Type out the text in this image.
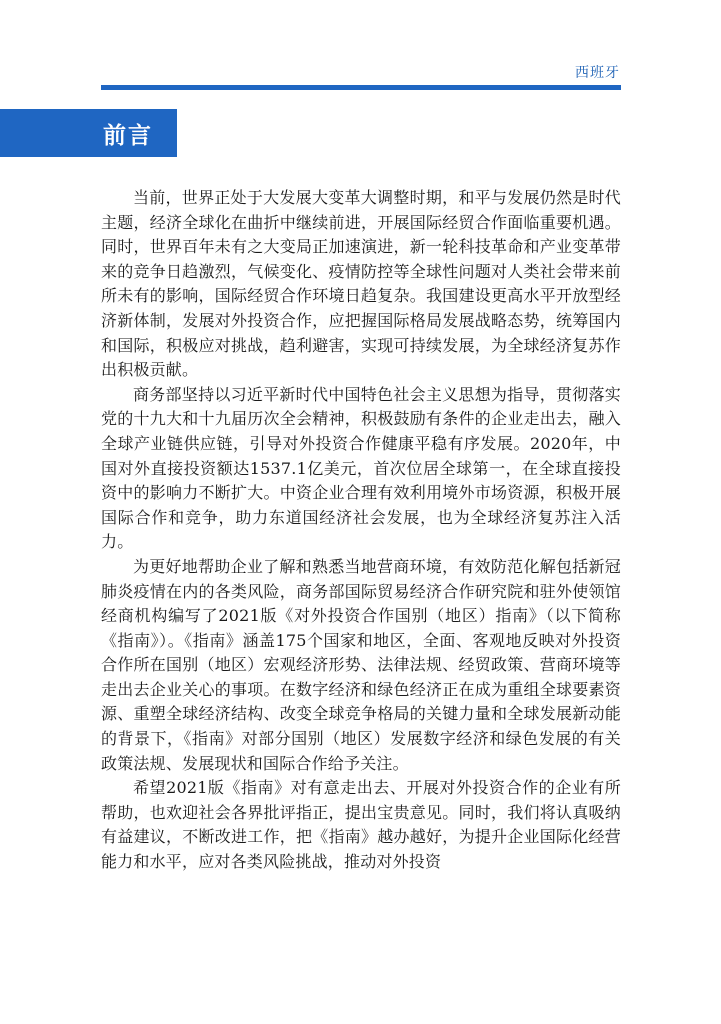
西班牙
前言

当前，世界正处于大发展大变革大调整时期，和平与发展仍然是时代主题，经济全球化在曲折中继续前进，开展国际经贸合作面临重要机遇。同时，世界百年未有之大变局正加速演进，新一轮科技革命和产业变革带来的竞争日趋激烈，气候变化、疫情防控等全球性问题对人类社会带来前所未有的影响，国际经贸合作环境日趋复杂。我国建设更高水平开放型经济新体制，发展对外投资合作，应把握国际格局发展战略态势，统筹国内和国际，积极应对挑战，趋利避害，实现可持续发展，为全球经济复苏作出积极贡献。

商务部坚持以习近平新时代中国特色社会主义思想为指导，贯彻落实党的十九大和十九届历次全会精神，积极鼓励有条件的企业走出去，融入全球产业链供应链，引导对外投资合作健康平稳有序发展。2020年，中国对外直接投资额达1537.1亿美元，首次位居全球第一，在全球直接投资中的影响力不断扩大。中资企业合理有效利用境外市场资源，积极开展国际合作和竞争，助力东道国经济社会发展，也为全球经济复苏注入活力。

为更好地帮助企业了解和熟悉当地营商环境，有效防范化解包括新冠肺炎疫情在内的各类风险，商务部国际贸易经济合作研究院和驻外使领馆经商机构编写了2021版《对外投资合作国别（地区）指南》（以下简称《指南》）。《指南》涵盖175个国家和地区，全面、客观地反映对外投资合作所在国别（地区）宏观经济形势、法律法规、经贸政策、营商环境等走出去企业关心的事项。在数字经济和绿色经济正在成为重组全球要素资源、重塑全球经济结构、改变全球竞争格局的关键力量和全球发展新动能的背景下，《指南》对部分国别（地区）发展数字经济和绿色发展的有关政策法规、发展现状和国际合作给予关注。

希望2021版《指南》对有意走出去、开展对外投资合作的企业有所帮助，也欢迎社会各界批评指正，提出宝贵意见。同时，我们将认真吸纳有益建议，不断改进工作，把《指南》越办越好，为提升企业国际化经营能力和水平，应对各类风险挑战，推动对外投资
